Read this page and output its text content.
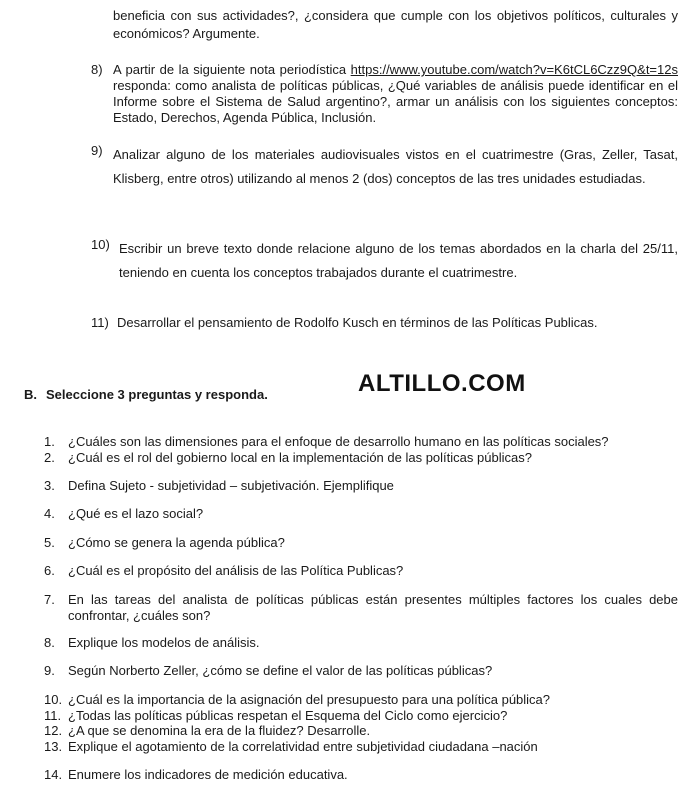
beneficia con sus actividades?, ¿considera que cumple con los objetivos políticos, culturales y económicos? Argumente.
8) A partir de la siguiente nota periodística https://www.youtube.com/watch?v=K6tCL6Czz9Q&t=12s responda: como analista de políticas públicas, ¿Qué variables de análisis puede identificar en el Informe sobre el Sistema de Salud argentino?, armar un análisis con los siguientes conceptos: Estado, Derechos, Agenda Pública, Inclusión.
9) Analizar alguno de los materiales audiovisuales vistos en el cuatrimestre (Gras, Zeller, Tasat, Klisberg, entre otros) utilizando al menos 2 (dos) conceptos de las tres unidades estudiadas.
10) Escribir un breve texto donde relacione alguno de los temas abordados en la charla del 25/11, teniendo en cuenta los conceptos trabajados durante el cuatrimestre.
11) Desarrollar el pensamiento de Rodolfo Kusch en términos de las Políticas Publicas.
B. Seleccione 3 preguntas y responda.	ALTILLO.COM
1. ¿Cuáles son las dimensiones para el enfoque de desarrollo humano en las políticas sociales?
2. ¿Cuál es el rol del gobierno local en la implementación de las políticas públicas?
3. Defina Sujeto - subjetividad – subjetivación. Ejemplifique
4. ¿Qué es el lazo social?
5. ¿Cómo se genera la agenda pública?
6. ¿Cuál es el propósito del análisis de las Política Publicas?
7. En las tareas del analista de políticas públicas están presentes múltiples factores los cuales debe confrontar, ¿cuáles son?
8. Explique los modelos de análisis.
9. Según Norberto Zeller, ¿cómo se define el valor de las políticas públicas?
10. ¿Cuál es la importancia de la asignación del presupuesto para una política pública?
11. ¿Todas las políticas públicas respetan el Esquema del Ciclo como ejercicio?
12. ¿A que se denomina la era de la fluidez? Desarrolle.
13. Explique el agotamiento de la correlatividad entre subjetividad ciudadana –nación
14. Enumere los indicadores de medición educativa.
